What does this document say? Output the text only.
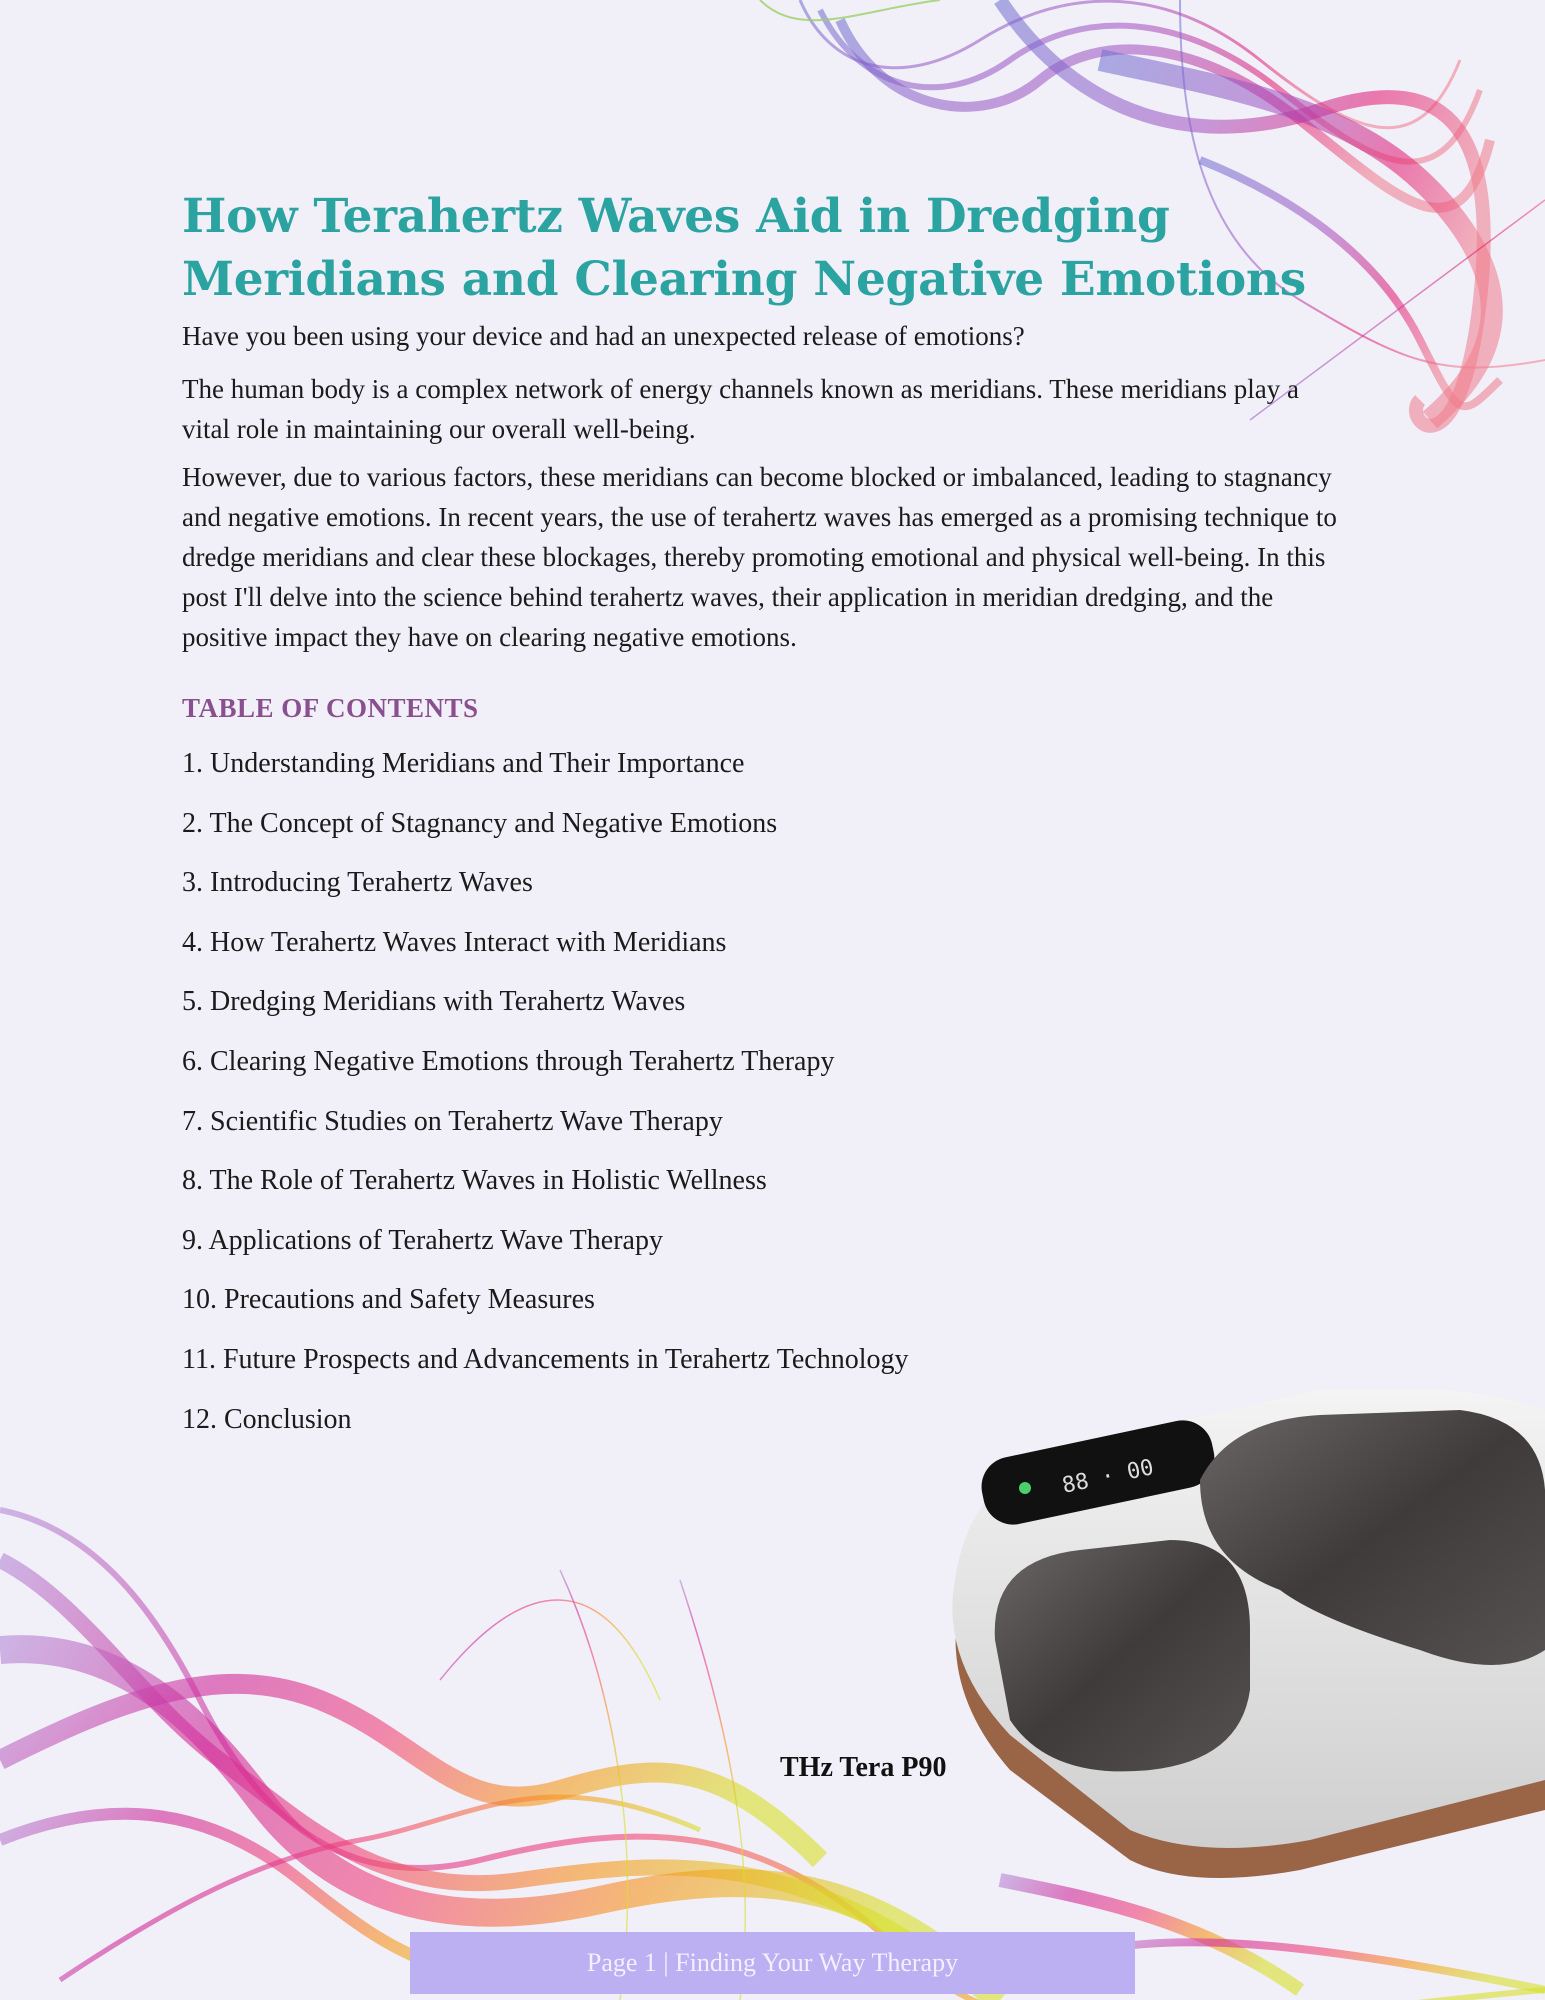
How Terahertz Waves Aid in Dredging Meridians and Clearing Negative Emotions

Have you been using your device and had an unexpected release of emotions?

The human body is a complex network of energy channels known as meridians. These meridians play a vital role in maintaining our overall well-being.

However, due to various factors, these meridians can become blocked or imbalanced, leading to stagnancy and negative emotions. In recent years, the use of terahertz waves has emerged as a promising technique to dredge meridians and clear these blockages, thereby promoting emotional and physical well-being. In this post I'll delve into the science behind terahertz waves, their application in meridian dredging, and the positive impact they have on clearing negative emotions.

TABLE OF CONTENTS
1. Understanding Meridians and Their Importance
2. The Concept of Stagnancy and Negative Emotions
3. Introducing Terahertz Waves
4. How Terahertz Waves Interact with Meridians
5. Dredging Meridians with Terahertz Waves
6. Clearing Negative Emotions through Terahertz Therapy
7. Scientific Studies on Terahertz Wave Therapy
8. The Role of Terahertz Waves in Holistic Wellness
9. Applications of Terahertz Wave Therapy
10. Precautions and Safety Measures
11. Future Prospects and Advancements in Terahertz Technology
12. Conclusion
88 · 00
THz Tera P90
Page 1 | Finding Your Way Therapy
